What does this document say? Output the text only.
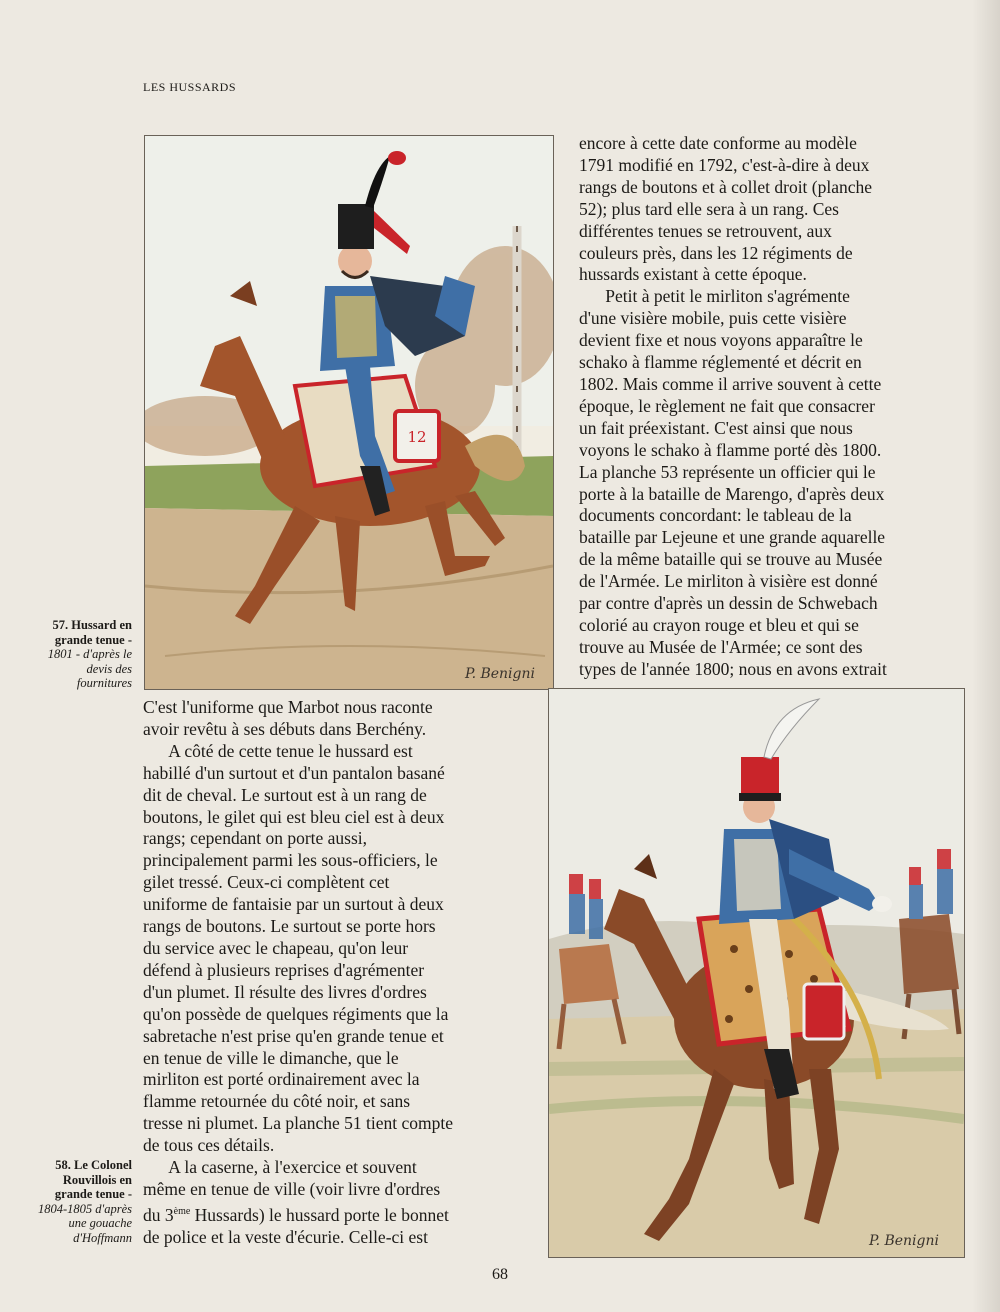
LES HUSSARDS
12
P. Benigni
57. Hussard en
grande tenue -
1801 - d'après le
devis des
fournitures
encore à cette date conforme au modèle
1791 modifié en 1792, c'est-à-dire à deux
rangs de boutons et à collet droit (planche
52); plus tard elle sera à un rang. Ces
différentes tenues se retrouvent, aux
couleurs près, dans les 12 régiments de
hussards existant à cette époque.
Petit à petit le mirliton s'agrémente
d'une visière mobile, puis cette visière
devient fixe et nous voyons apparaître le
schako à flamme réglementé et décrit en
1802. Mais comme il arrive souvent à cette
époque, le règlement ne fait que consacrer
un fait préexistant. C'est ainsi que nous
voyons le schako à flamme porté dès 1800.
La planche 53 représente un officier qui le
porte à la bataille de Marengo, d'après deux
documents concordant: le tableau de la
bataille par Lejeune et une grande aquarelle
de la même bataille qui se trouve au Musée
de l'Armée. Le mirliton à visière est donné
par contre d'après un dessin de Schwebach
colorié au crayon rouge et bleu et qui se
trouve au Musée de l'Armée; ce sont des
types de l'année 1800; nous en avons extrait
C'est l'uniforme que Marbot nous raconte
avoir revêtu à ses débuts dans Berchény.
A côté de cette tenue le hussard est
habillé d'un surtout et d'un pantalon basané
dit de cheval. Le surtout est à un rang de
boutons, le gilet qui est bleu ciel est à deux
rangs; cependant on porte aussi,
principalement parmi les sous-officiers, le
gilet tressé. Ceux-ci complètent cet
uniforme de fantaisie par un surtout à deux
rangs de boutons. Le surtout se porte hors
du service avec le chapeau, qu'on leur
défend à plusieurs reprises d'agrémenter
d'un plumet. Il résulte des livres d'ordres
qu'on possède de quelques régiments que la
sabretache n'est prise qu'en grande tenue et
en tenue de ville le dimanche, que le
mirliton est porté ordinairement avec la
flamme retournée du côté noir, et sans
tresse ni plumet. La planche 51 tient compte
de tous ces détails.
A la caserne, à l'exercice et souvent
même en tenue de ville (voir livre d'ordres
du 3ème Hussards) le hussard porte le bonnet
de police et la veste d'écurie. Celle-ci est	P. Benigni
58. Le Colonel
Rouvillois en
grande tenue -
1804-1805 d'après
une gouache
d'Hoffmann
68
